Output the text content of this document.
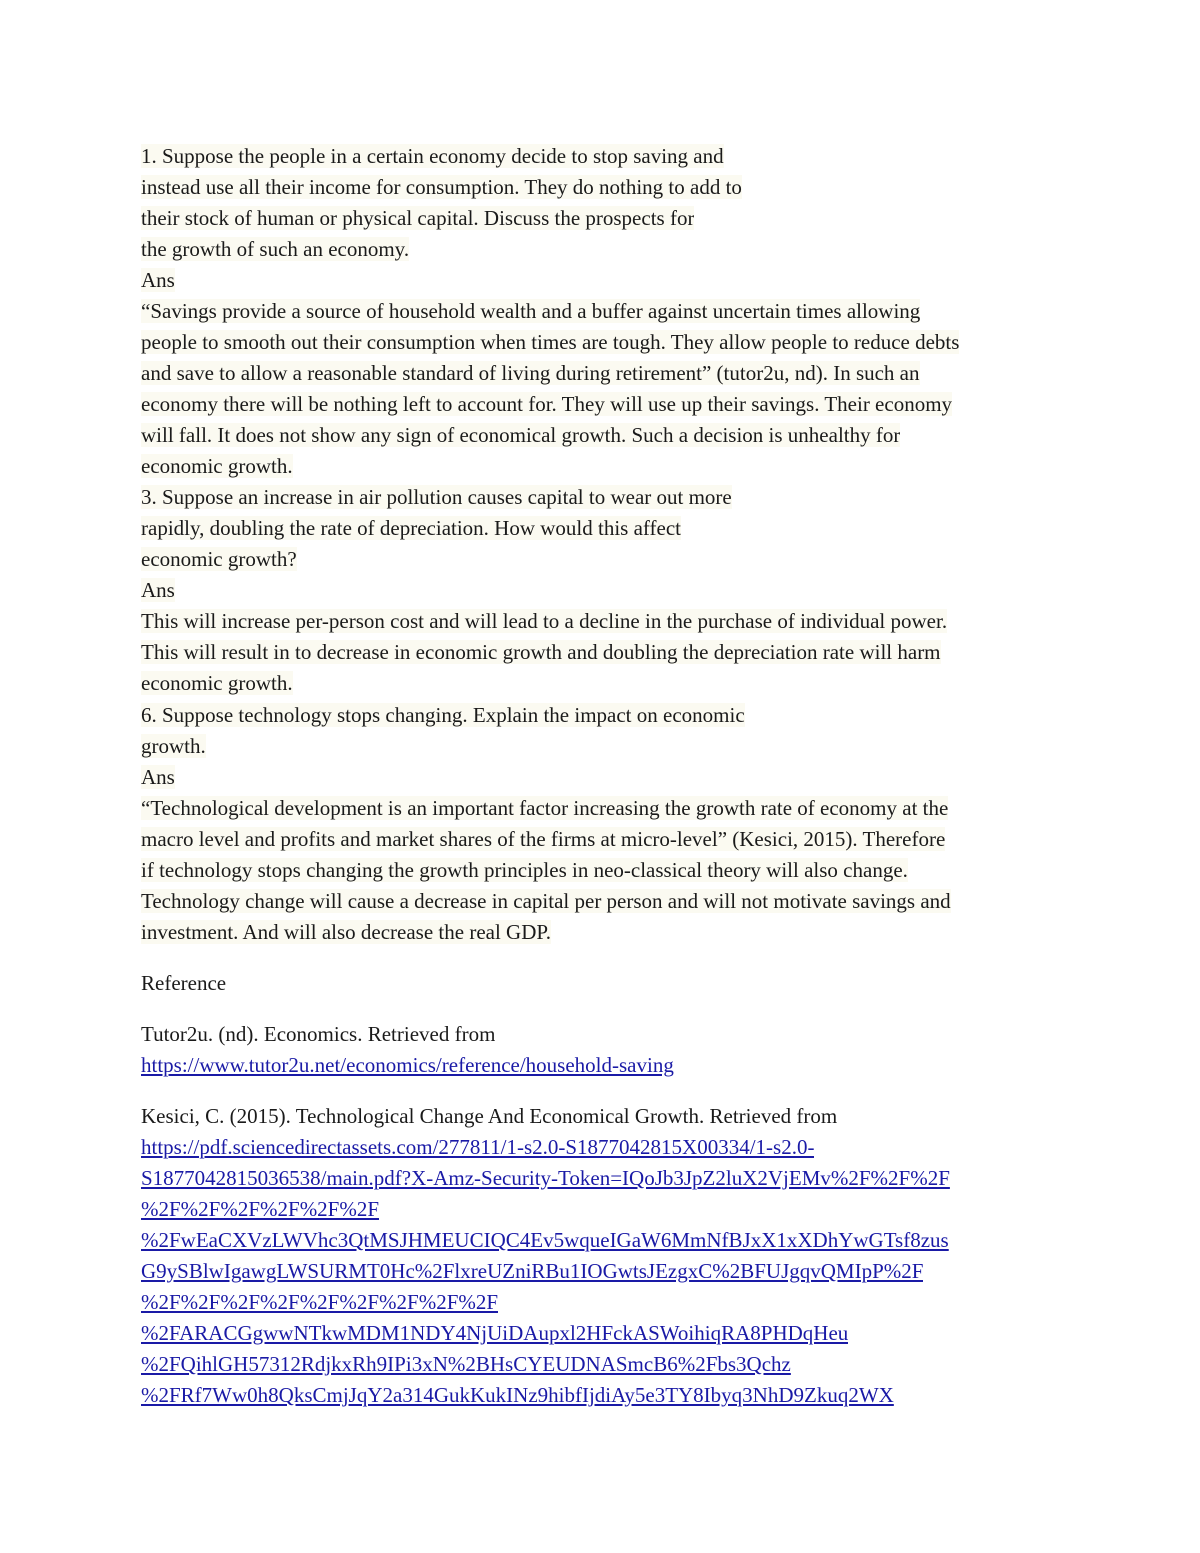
1. Suppose the people in a certain economy decide to stop saving and
instead use all their income for consumption. They do nothing to add to
their stock of human or physical capital. Discuss the prospects for
the growth of such an economy.
Ans
“Savings provide a source of household wealth and a buffer against uncertain times allowing
people to smooth out their consumption when times are tough. They allow people to reduce debts
and save to allow a reasonable standard of living during retirement” (tutor2u, nd). In such an
economy there will be nothing left to account for. They will use up their savings. Their economy
will fall. It does not show any sign of economical growth. Such a decision is unhealthy for
economic growth.
3. Suppose an increase in air pollution causes capital to wear out more
rapidly, doubling the rate of depreciation. How would this affect
economic growth?
Ans
This will increase per-person cost and will lead to a decline in the purchase of individual power.
This will result in to decrease in economic growth and doubling the depreciation rate will harm
economic growth.
6. Suppose technology stops changing. Explain the impact on economic
growth.
Ans
“Technological development is an important factor increasing the growth rate of economy at the
macro level and profits and market shares of the firms at micro-level” (Kesici, 2015). Therefore
if technology stops changing the growth principles in neo-classical theory will also change.
Technology change will cause a decrease in capital per person and will not motivate savings and
investment. And will also decrease the real GDP.
Reference
Tutor2u. (nd). Economics. Retrieved from
https://www.tutor2u.net/economics/reference/household-saving
Kesici, C. (2015). Technological Change And Economical Growth. Retrieved from
https://pdf.sciencedirectassets.com/277811/1-s2.0-S1877042815X00334/1-s2.0-
S1877042815036538/main.pdf?X-Amz-Security-Token=IQoJb3JpZ2luX2VjEMv%2F%2F%2F
%2F%2F%2F%2F%2F%2F
%2FwEaCXVzLWVhc3QtMSJHMEUCIQC4Ev5wqueIGaW6MmNfBJxX1xXDhYwGTsf8zus
G9ySBlwIgawgLWSURMT0Hc%2FlxreUZniRBu1IOGwtsJEzgxC%2BFUJgqvQMIpP%2F
%2F%2F%2F%2F%2F%2F%2F%2F%2F
%2FARACGgwwNTkwMDM1NDY4NjUiDAupxl2HFckASWoihiqRA8PHDqHeu
%2FQihlGH57312RdjkxRh9IPi3xN%2BHsCYEUDNASmcB6%2Fbs3Qchz
%2FRf7Ww0h8QksCmjJqY2a314GukKukINz9hibfIjdiAy5e3TY8Ibyq3NhD9Zkuq2WX
